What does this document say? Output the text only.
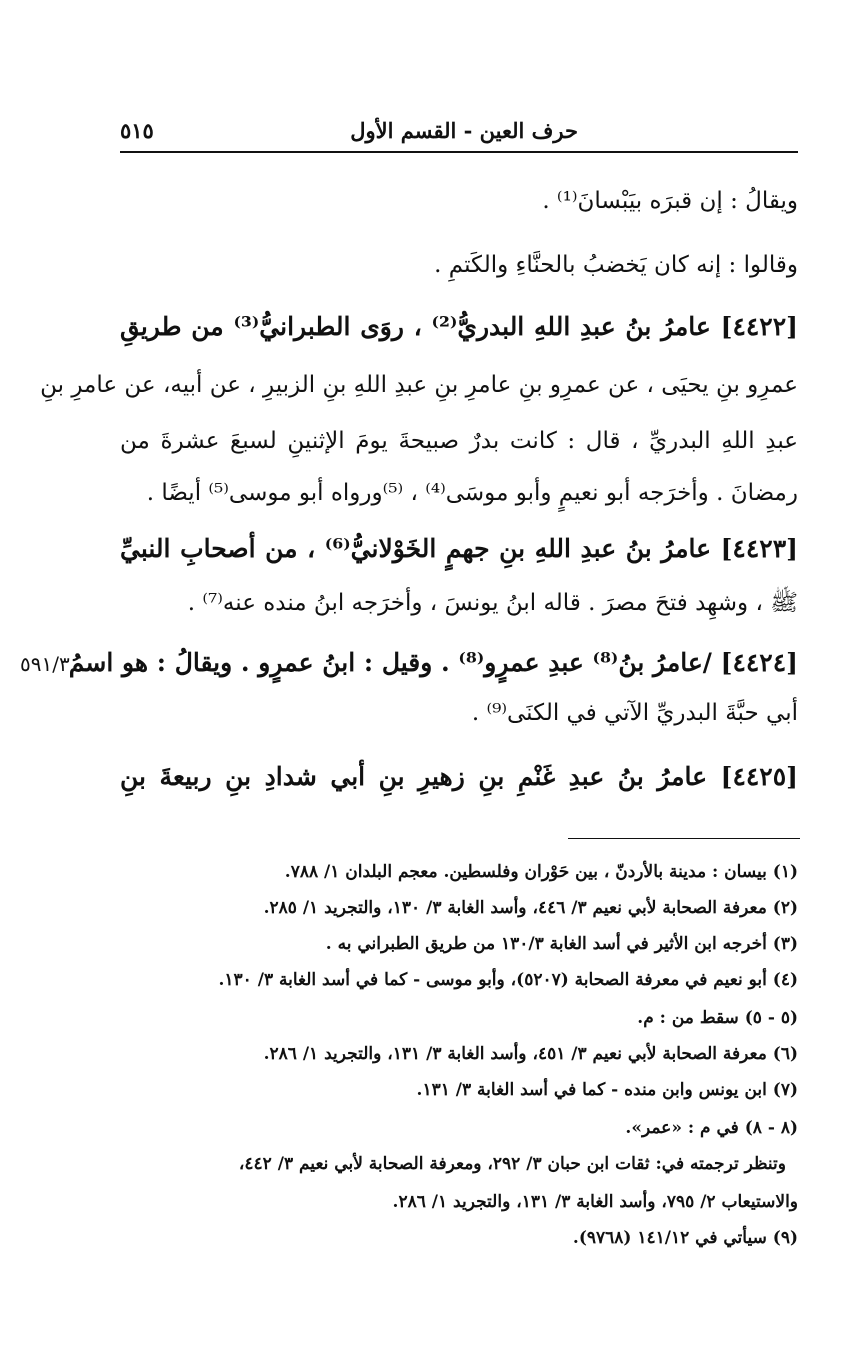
حرف العين - القسم الأول
٥١٥
ويقالُ : إن قبرَه بيَبْسانَ⁽¹⁾ .
وقالوا : إنه كان يَخضبُ بالحنَّاءِ والكَتمِ .
[٤٤٢٢] عامرُ بنُ عبدِ اللهِ البدريُّ⁽²⁾ ، روَى الطبرانيُّ⁽³⁾ من طريقِ
عمرِو بنِ يحيَى ، عن عمرِو بنِ عامرِ بنِ عبدِ اللهِ بنِ الزبيرِ ، عن أبيه، عن عامرِ بنِ
عبدِ اللهِ البدريِّ ، قال : كانت بدرٌ صبيحةَ يومَ الإثنينِ لسبعَ عشرةَ من
رمضانَ . وأخرَجه أبو نعيمٍ وأبو موسَى⁽⁴⁾ ، ⁽⁵⁾ورواه أبو موسى⁽⁵⁾ أيضًا .
[٤٤٢٣] عامرُ بنُ عبدِ اللهِ بنِ جهمٍ الخَوْلانيُّ⁽⁶⁾ ، من أصحابِ النبيِّ
ﷺ ، وشهِد فتحَ مصرَ . قاله ابنُ يونسَ ، وأخرَجه ابنُ منده عنه⁽⁷⁾ .
[٤٤٢٤] /عامرُ بنُ⁽⁸⁾ عبدِ عمرٍو⁽⁸⁾ . وقيل : ابنُ عمرٍو . ويقالُ : هو اسمُ
أبي حبَّةَ البدريِّ الآتي في الكنَى⁽⁹⁾ .
[٤٤٢٥] عامرُ بنُ عبدِ غَنْمِ بنِ زهيرِ بنِ أبي شدادِ بنِ ربيعةَ بنِ
٥٩١/٣
(١) بيسان : مدينة بالأردنّ ، بين حَوْران وفلسطين. معجم البلدان ١/ ٧٨٨.
(٢) معرفة الصحابة لأبي نعيم ٣/ ٤٤٦، وأسد الغابة ٣/ ١٣٠، والتجريد ١/ ٢٨٥.
(٣) أخرجه ابن الأثير في أسد الغابة ١٣٠/٣ من طريق الطبراني به .
(٤) أبو نعيم في معرفة الصحابة (٥٢٠٧)، وأبو موسى - كما في أسد الغابة ٣/ ١٣٠.
(٥ - ٥) سقط من : م.
(٦) معرفة الصحابة لأبي نعيم ٣/ ٤٥١، وأسد الغابة ٣/ ١٣١، والتجريد ١/ ٢٨٦.
(٧) ابن يونس وابن منده - كما في أسد الغابة ٣/ ١٣١.
(٨ - ٨) في م : «عمر».
وتنظر ترجمته في: ثقات ابن حبان ٣/ ٢٩٢، ومعرفة الصحابة لأبي نعيم ٣/ ٤٤٢،
والاستيعاب ٢/ ٧٩٥، وأسد الغابة ٣/ ١٣١، والتجريد ١/ ٢٨٦.
(٩) سيأتي في ١٤١/١٢ (٩٧٦٨).
